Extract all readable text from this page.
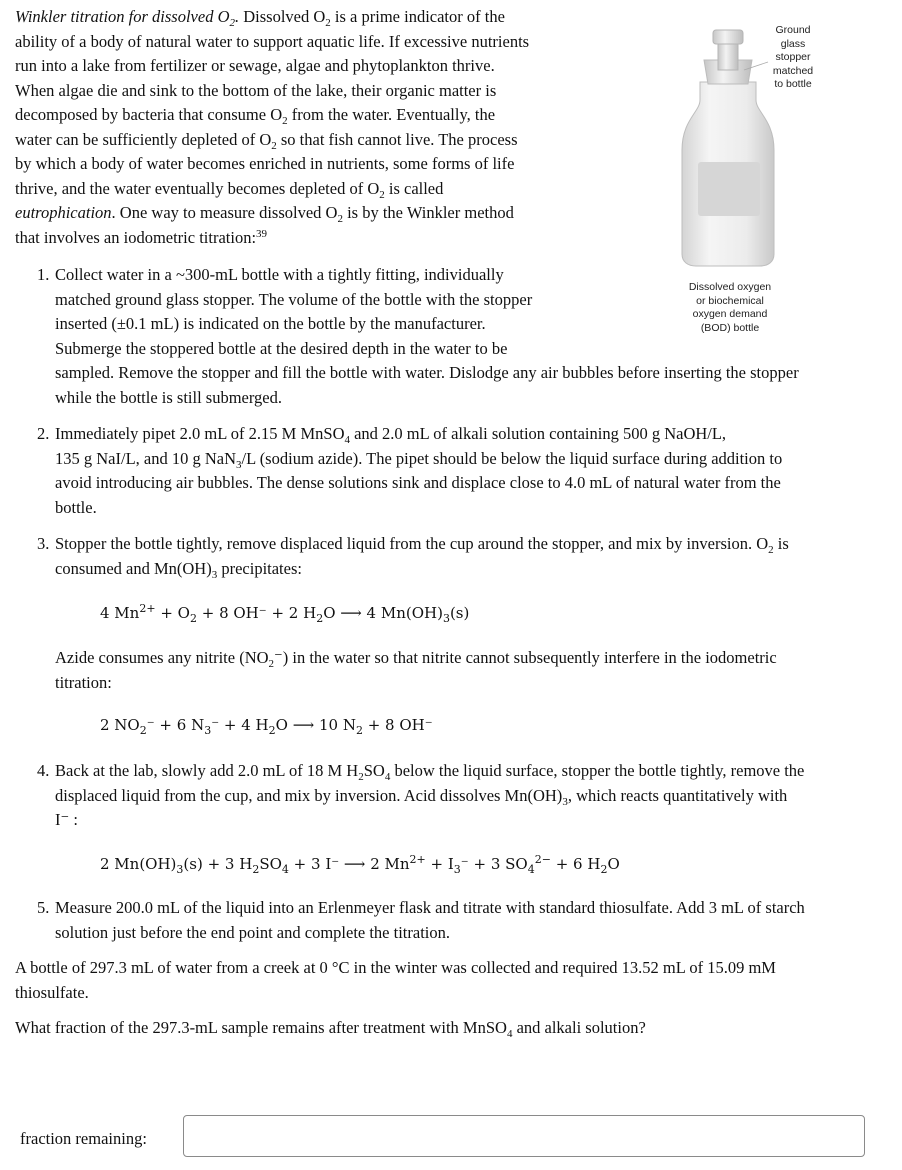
Winkler titration for dissolved $O_2$. Dissolved $O_2$ is a prime indicator of the
ability of a body of natural water to support aquatic life. If excessive nutrients
run into a lake from fertilizer or sewage, algae and phytoplankton thrive.
When algae die and sink to the bottom of the lake, their organic matter is
decomposed by bacteria that consume $O_2$ from the water. Eventually, the
water can be sufficiently depleted of $O_2$ so that fish cannot live. The process
by which a body of water becomes enriched in nutrients, some forms of life
thrive, and the water eventually becomes depleted of $O_2$ is called
eutrophication. One way to measure dissolved $O_2$ is by the Winkler method
that involves an iodometric titration:$^{39}$
Ground
glass
stopper
matched
to bottle
Dissolved oxygen
or biochemical
oxygen demand
(BOD) bottle
1. Collect water in a ~300-mL bottle with a tightly fitting, individually
matched ground glass stopper. The volume of the bottle with the stopper
inserted (±0.1 mL) is indicated on the bottle by the manufacturer.
Submerge the stoppered bottle at the desired depth in the water to be
sampled. Remove the stopper and fill the bottle with water. Dislodge any air bubbles before inserting the stopper
while the bottle is still submerged.
2. Immediately pipet 2.0 mL of 2.15 M MnSO$_4$ and 2.0 mL of alkali solution containing 500 g NaOH/L,
135 g NaI/L, and 10 g NaN$_3$/L (sodium azide). The pipet should be below the liquid surface during addition to
avoid introducing air bubbles. The dense solutions sink and displace close to 4.0 mL of natural water from the
bottle.
3. Stopper the bottle tightly, remove displaced liquid from the cup around the stopper, and mix by inversion. $O_2$ is
consumed and $Mn(OH)_3$ precipitates:
4 $Mn^{2+} + O_2 + 8$ OH⁻ + 2 $H_2O$ ⟶ 4 $Mn(OH)_3(s)$
Azide consumes any nitrite $(NO_2^-)$ in the water so that nitrite cannot subsequently interfere in the iodometric
titration:
2 $NO_2^- + 6$ $N_3^- + 4$ $H_2O$ ⟶ 10 $N_2 + 8$ OH⁻
4. Back at the lab, slowly add 2.0 mL of 18 M $H_2SO_4$ below the liquid surface, stopper the bottle tightly, remove the
displaced liquid from the cup, and mix by inversion. Acid dissolves $Mn(OH)_3$, which reacts quantitatively with
I⁻ :
2 $Mn(OH)_3(s) + 3$ $H_2SO_4 + 3$ I⁻ ⟶ 2 $Mn^{2+} + I_3^- + 3$ $SO_4^{2-} + 6$ $H_2O$
5. Measure 200.0 mL of the liquid into an Erlenmeyer flask and titrate with standard thiosulfate. Add 3 mL of starch
solution just before the end point and complete the titration.
A bottle of 297.3 mL of water from a creek at 0 °C in the winter was collected and required 13.52 mL of 15.09 mM
thiosulfate.
What fraction of the 297.3-mL sample remains after treatment with MnSO$_4$ and alkali solution?
fraction remaining:
